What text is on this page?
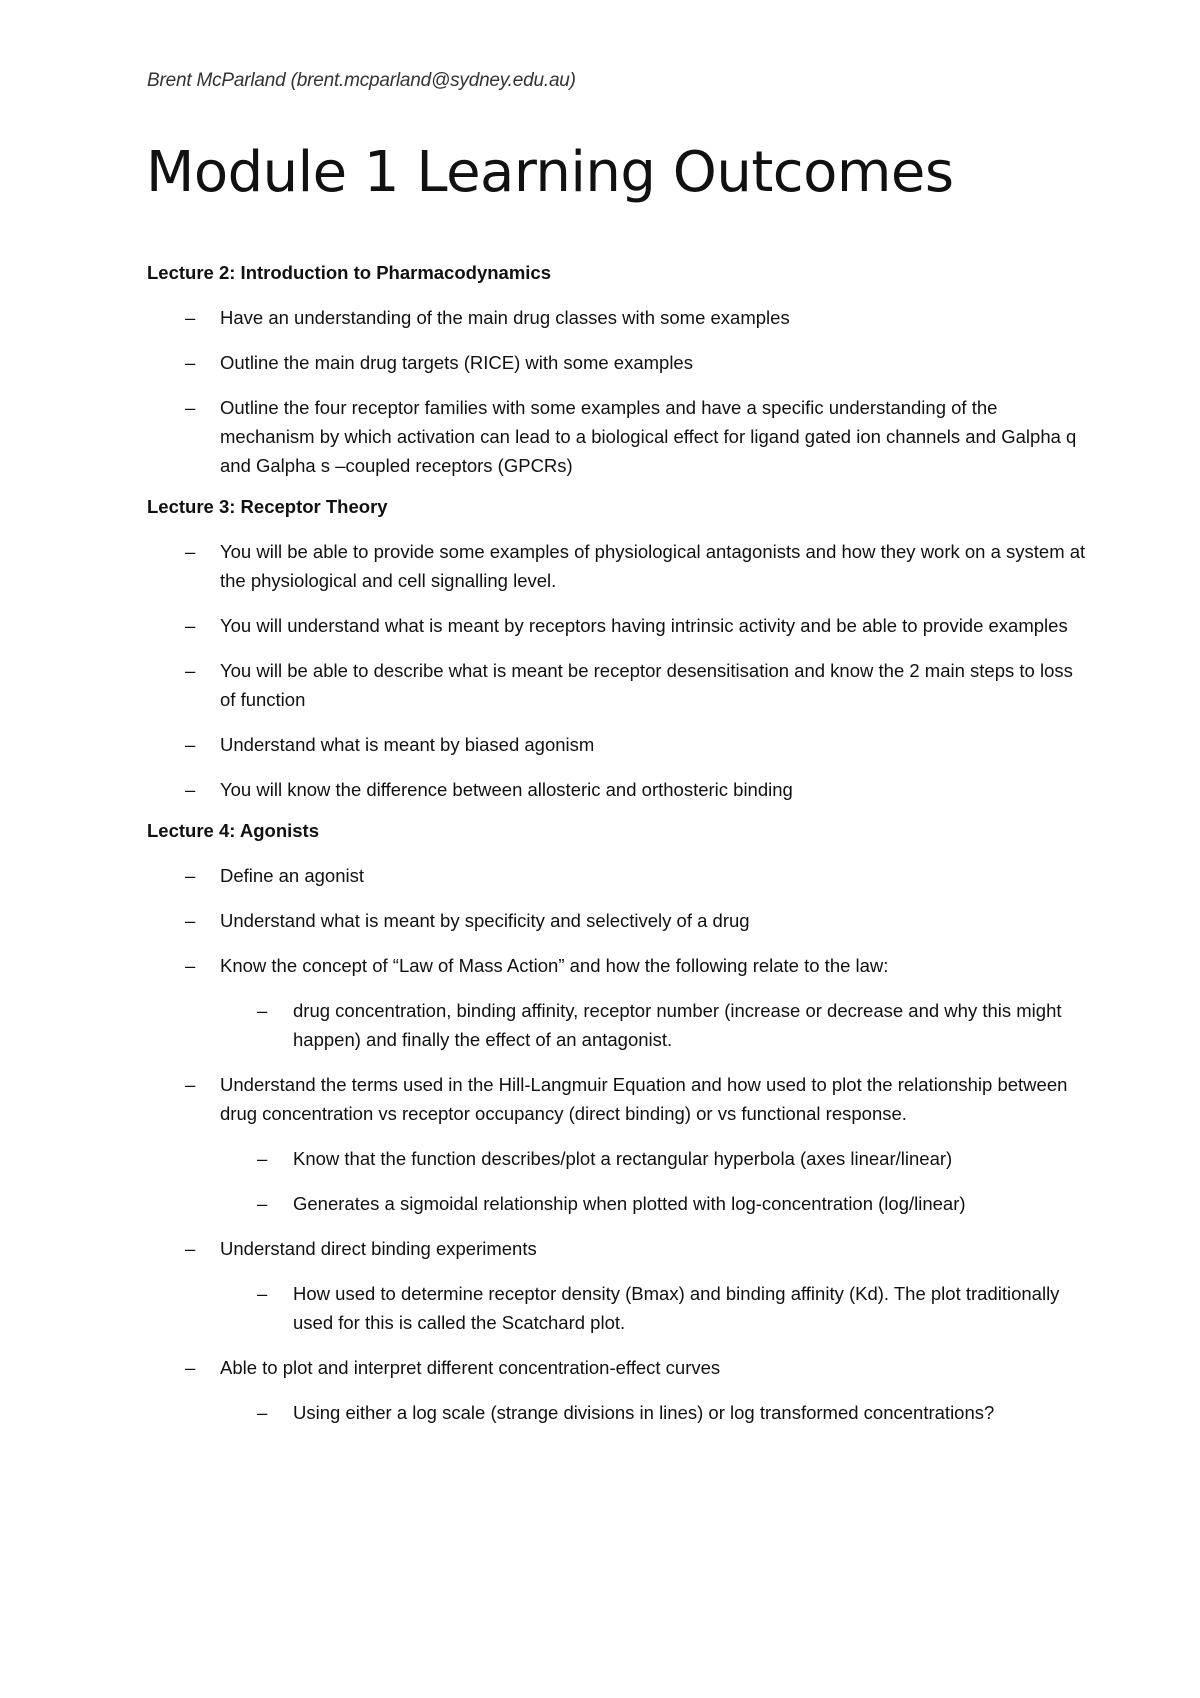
Brent McParland (brent.mcparland@sydney.edu.au)
Module 1 Learning Outcomes

Lecture 2: Introduction to Pharmacodynamics

– Have an understanding of the main drug classes with some examples
– Outline the main drug targets (RICE) with some examples
– Outline the four receptor families with some examples and have a specific understanding of the mechanism by which activation can lead to a biological effect for ligand gated ion channels and Galpha q and Galpha s –coupled receptors (GPCRs)

Lecture 3: Receptor Theory

– You will be able to provide some examples of physiological antagonists and how they work on a system at the physiological and cell signalling level.
– You will understand what is meant by receptors having intrinsic activity and be able to provide examples
– You will be able to describe what is meant be receptor desensitisation and know the 2 main steps to loss of function
– Understand what is meant by biased agonism
– You will know the difference between allosteric and orthosteric binding

Lecture 4: Agonists

– Define an agonist
– Understand what is meant by specificity and selectively of a drug
– Know the concept of “Law of Mass Action” and how the following relate to the law:
– drug concentration, binding affinity, receptor number (increase or decrease and why this might happen) and finally the effect of an antagonist.
– Understand the terms used in the Hill-Langmuir Equation and how used to plot the relationship between drug concentration vs receptor occupancy (direct binding) or vs functional response.
– Know that the function describes/plot a rectangular hyperbola (axes linear/linear)
– Generates a sigmoidal relationship when plotted with log-concentration (log/linear)
– Understand direct binding experiments
– How used to determine receptor density (Bmax) and binding affinity (Kd). The plot traditionally used for this is called the Scatchard plot.
– Able to plot and interpret different concentration-effect curves
– Using either a log scale (strange divisions in lines) or log transformed concentrations?
